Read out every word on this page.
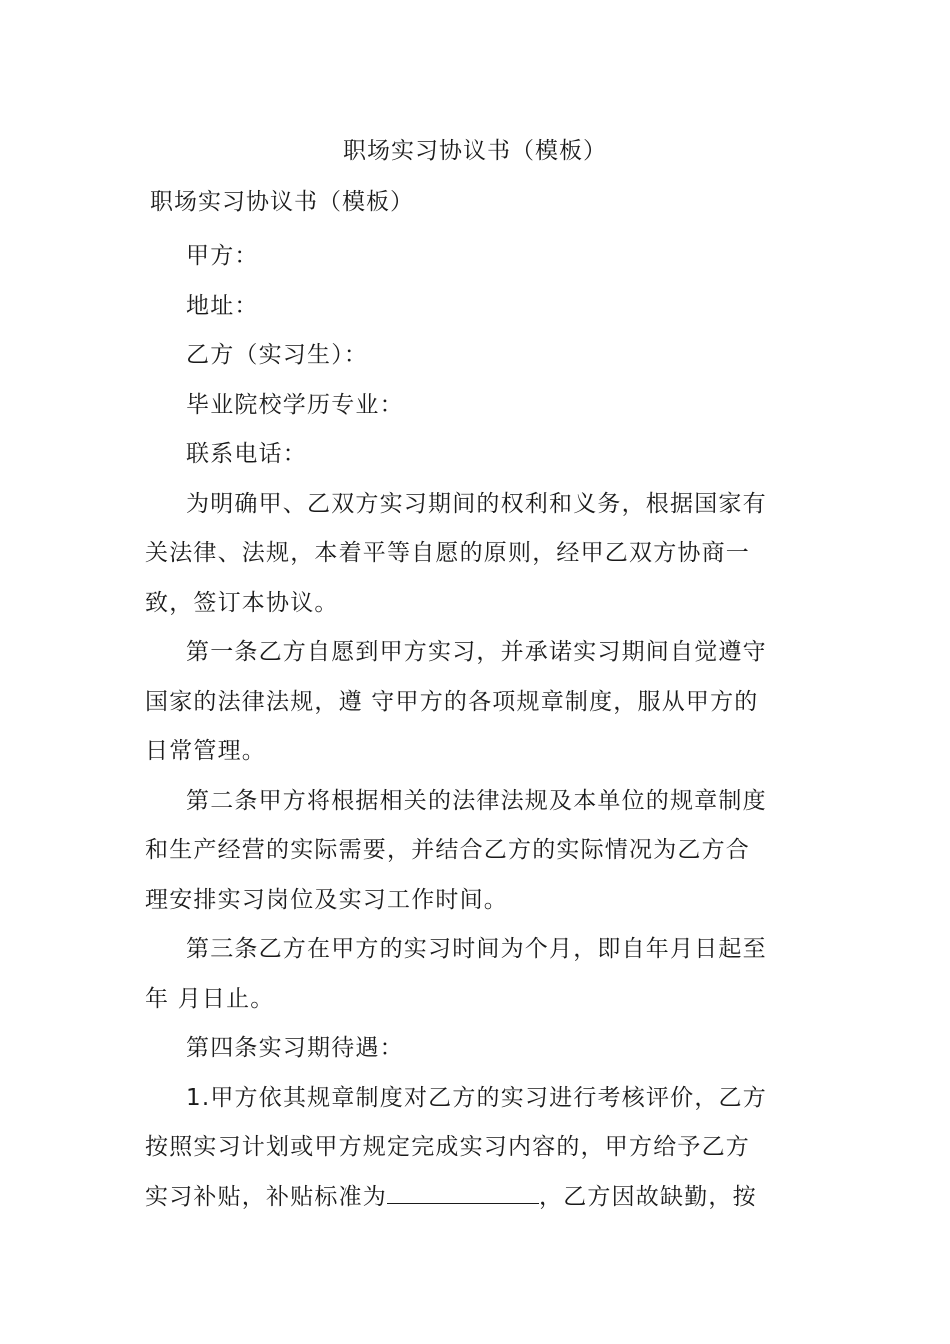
职场实习协议书（模板）
职场实习协议书（模板）
甲方：
地址：
乙方（实习生）：
毕业院校学历专业：
联系电话：
为明确甲、乙双方实习期间的权利和义务，根据国家有
关法律、法规，本着平等自愿的原则，经甲乙双方协商一
致，签订本协议。
第一条乙方自愿到甲方实习，并承诺实习期间自觉遵守
国家的法律法规，遵 守甲方的各项规章制度，服从甲方的
日常管理。
第二条甲方将根据相关的法律法规及本单位的规章制度
和生产经营的实际需要，并结合乙方的实际情况为乙方合
理安排实习岗位及实习工作时间。
第三条乙方在甲方的实习时间为个月，即自年月日起至
年 月日止。
第四条实习期待遇：
1.甲方依其规章制度对乙方的实习进行考核评价，乙方
按照实习计划或甲方规定完成实习内容的，甲方给予乙方
实习补贴，补贴标准为	，乙方因故缺勤，按
